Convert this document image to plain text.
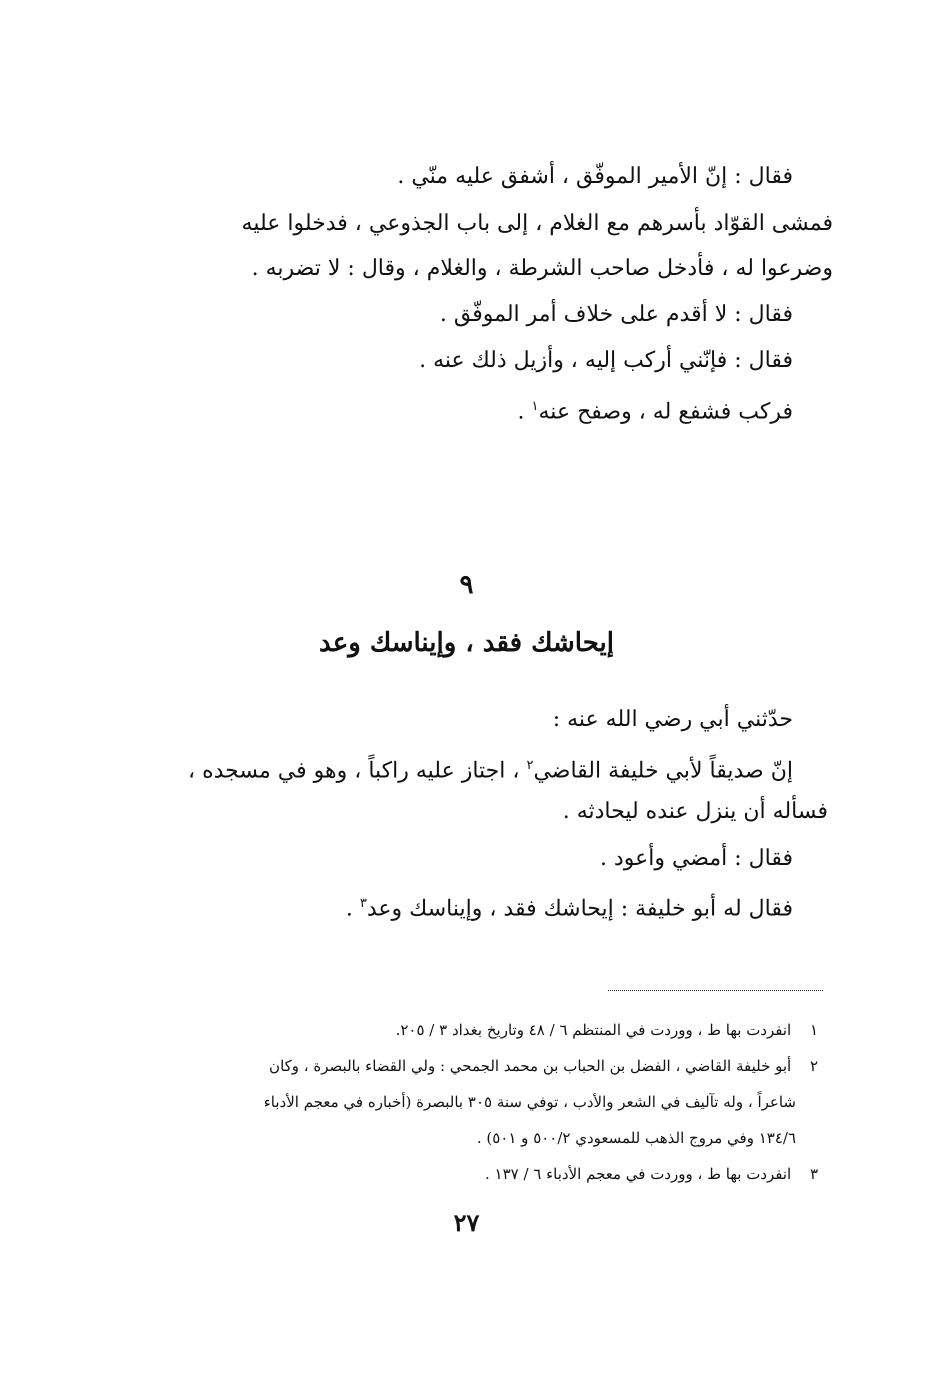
فقال : إنّ الأمير الموفّق ، أشفق عليه منّي .
فمشى القوّاد بأسرهم مع الغلام ، إلى باب الجذوعي ، فدخلوا عليه
وضرعوا له ، فأدخل صاحب الشرطة ، والغلام ، وقال : لا تضربه .
فقال : لا أقدم على خلاف أمر الموفّق .
فقال : فإنّني أركب إليه ، وأزيل ذلك عنه .
فركب فشفع له ، وصفح عنه$^١$ .
٩
إيحاشك فقد ، وإيناسك وعد
حدّثني أبي رضي الله عنه :
إنّ صديقاً لأبي خليفة القاضي$^٢$ ، اجتاز عليه راكباً ، وهو في مسجده ،
فسأله أن ينزل عنده ليحادثه .
فقال : أمضي وأعود .
فقال له أبو خليفة : إيحاشك فقد ، وإيناسك وعد$^٣$ .
١ انفردت بها ط ، ووردت في المنتظم ٦ / ٤٨ وتاريخ بغداد ٣ / ٢٠٥.
٢ أبو خليفة القاضي ، الفضل بن الحباب بن محمد الجمحي : ولي القضاء بالبصرة ، وكان
شاعراً ، وله تآليف في الشعر والأدب ، توفي سنة ٣٠٥ بالبصرة (أخباره في معجم الأدباء
١٣٤/٦ وفي مروج الذهب للمسعودي ٥٠٠/٢ و ٥٠١) .
٣ انفردت بها ط ، ووردت في معجم الأدباء ٦ / ١٣٧ .
٢٧
